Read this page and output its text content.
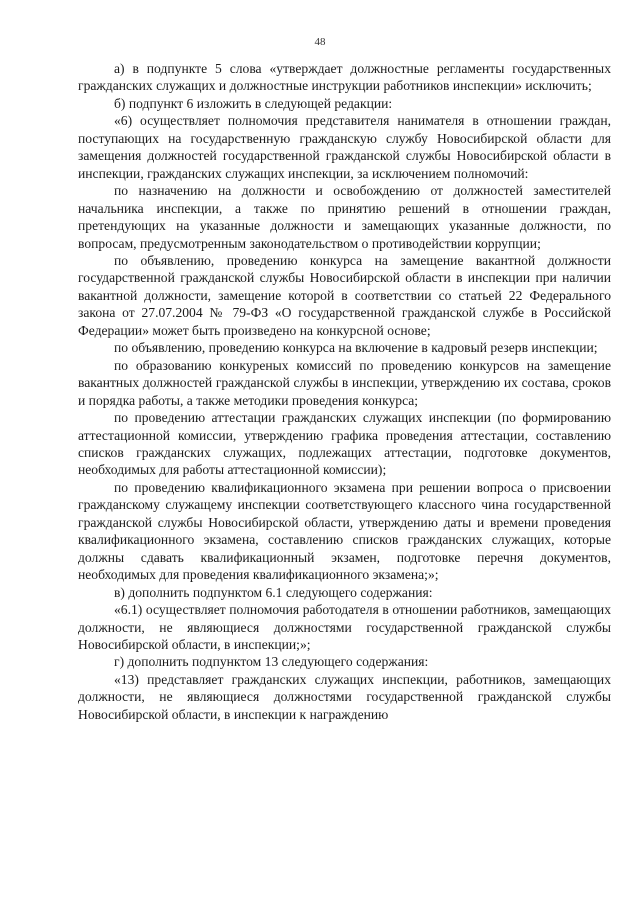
48

а) в подпункте 5 слова «утверждает должностные регламенты государственных гражданских служащих и должностные инструкции работников инспекции» исключить;

б) подпункт 6 изложить в следующей редакции:

«6) осуществляет полномочия представителя нанимателя в отношении граждан, поступающих на государственную гражданскую службу Новосибирской области для замещения должностей государственной гражданской службы Новосибирской области в инспекции, гражданских служащих инспекции, за исключением полномочий:

по назначению на должности и освобождению от должностей заместителей начальника инспекции, а также по принятию решений в отношении граждан, претендующих на указанные должности и замещающих указанные должности, по вопросам, предусмотренным законодательством о противодействии коррупции;

по объявлению, проведению конкурса на замещение вакантной должности государственной гражданской службы Новосибирской области в инспекции при наличии вакантной должности, замещение которой в соответствии со статьей 22 Федерального закона от 27.07.2004 № 79-ФЗ «О государственной гражданской службе в Российской Федерации» может быть произведено на конкурсной основе;

по объявлению, проведению конкурса на включение в кадровый резерв инспекции;

по образованию конкуреных комиссий по проведению конкурсов на замещение вакантных должностей гражданской службы в инспекции, утверждению их состава, сроков и порядка работы, а также методики проведения конкурса;

по проведению аттестации гражданских служащих инспекции (по формированию аттестационной комиссии, утверждению графика проведения аттестации, составлению списков гражданских служащих, подлежащих аттестации, подготовке документов, необходимых для работы аттестационной комиссии);

по проведению квалификационного экзамена при решении вопроса о присвоении гражданскому служащему инспекции соответствующего классного чина государственной гражданской службы Новосибирской области, утверждению даты и времени проведения квалификационного экзамена, составлению списков гражданских служащих, которые должны сдавать квалификационный экзамен, подготовке перечня документов, необходимых для проведения квалификационного экзамена;»;

в) дополнить подпунктом 6.1 следующего содержания:

«6.1) осуществляет полномочия работодателя в отношении работников, замещающих должности, не являющиеся должностями государственной гражданской службы Новосибирской области, в инспекции;»;

г) дополнить подпунктом 13 следующего содержания:

«13) представляет гражданских служащих инспекции, работников, замещающих должности, не являющиеся должностями государственной гражданской службы Новосибирской области, в инспекции к награждению
